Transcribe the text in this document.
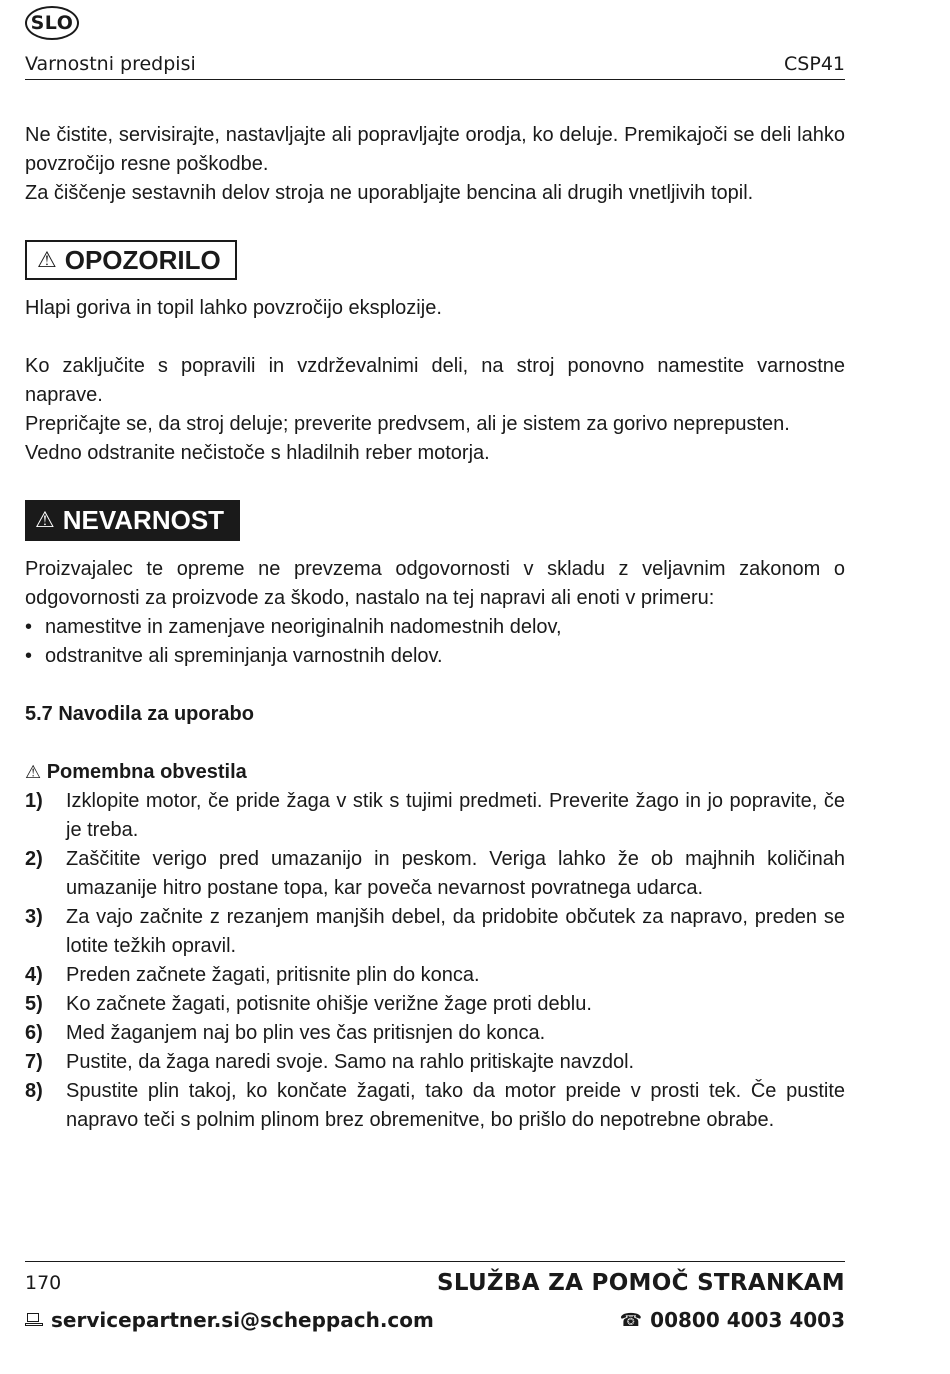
SLO
Varnostni predpisi	CSP41

Ne čistite, servisirajte, nastavljajte ali popravljajte orodja, ko deluje. Premikajoči se deli lahko povzročijo resne poškodbe.

Za čiščenje sestavnih delov stroja ne uporabljajte bencina ali drugih vnetljivih topil.

⚠ OPOZORILO

Hlapi goriva in topil lahko povzročijo eksplozije.

Ko zaključite s popravili in vzdrževalnimi deli, na stroj ponovno namestite varnostne naprave.

Prepričajte se, da stroj deluje; preverite predvsem, ali je sistem za gorivo neprepusten.

Vedno odstranite nečistoče s hladilnih reber motorja.

⚠ NEVARNOST

Proizvajalec te opreme ne prevzema odgovornosti v skladu z veljavnim zakonom o odgovornosti za proizvode za škodo, nastalo na tej napravi ali enoti v primeru:

• namestitve in zamenjave neoriginalnih nadomestnih delov,
• odstranitve ali spreminjanja varnostnih delov.

5.7 Navodila za uporabo

⚠ Pomembna obvestila

1)	Izklopite motor, če pride žaga v stik s tujimi predmeti. Preverite žago in jo popravite, če je treba.
2)	Zaščitite verigo pred umazanijo in peskom. Veriga lahko že ob majhnih količinah umazanije hitro postane topa, kar poveča nevarnost povratnega udarca.
3)	Za vajo začnite z rezanjem manjših debel, da pridobite občutek za napravo, preden se lotite težkih opravil.
4)	Preden začnete žagati, pritisnite plin do konca.
5)	Ko začnete žagati, potisnite ohišje verižne žage proti deblu.
6)	Med žaganjem naj bo plin ves čas pritisnjen do konca.
7)	Pustite, da žaga naredi svoje. Samo na rahlo pritiskajte navzdol.
8)	Spustite plin takoj, ko končate žagati, tako da motor preide v prosti tek. Če pustite napravo teči s polnim plinom brez obremenitve, bo prišlo do nepotrebne obrabe.
170	SLUŽBA ZA POMOČ STRANKAM
servicepartner.si@scheppach.com	☎ 00800 4003 4003
